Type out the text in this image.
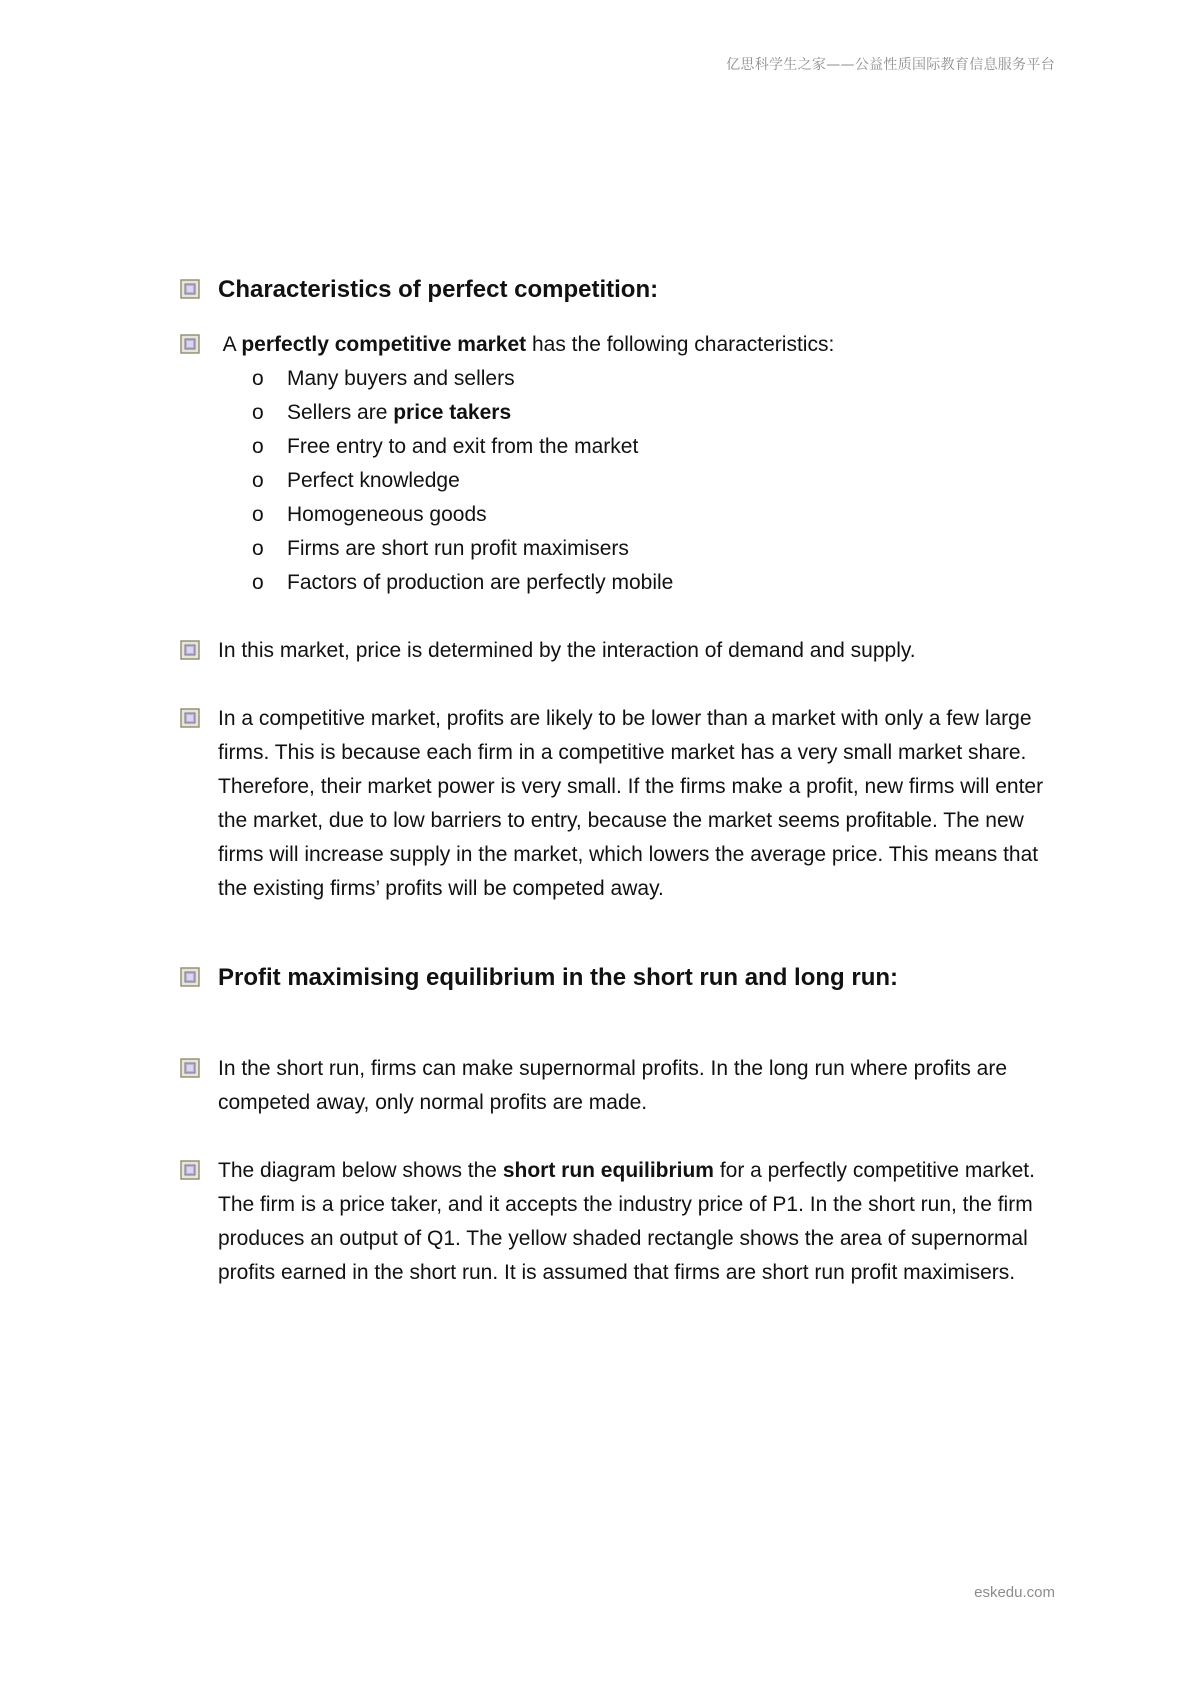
亿思科学生之家——公益性质国际教育信息服务平台
Characteristics of perfect competition:
A perfectly competitive market has the following characteristics:
o Many buyers and sellers
o Sellers are price takers
o Free entry to and exit from the market
o Perfect knowledge
o Homogeneous goods
o Firms are short run profit maximisers
o Factors of production are perfectly mobile
In this market, price is determined by the interaction of demand and supply.
In a competitive market, profits are likely to be lower than a market with only a few large firms. This is because each firm in a competitive market has a very small market share. Therefore, their market power is very small. If the firms make a profit, new firms will enter the market, due to low barriers to entry, because the market seems profitable. The new firms will increase supply in the market, which lowers the average price. This means that the existing firms’ profits will be competed away.
Profit maximising equilibrium in the short run and long run:
In the short run, firms can make supernormal profits. In the long run where profits are competed away, only normal profits are made.
The diagram below shows the short run equilibrium for a perfectly competitive market. The firm is a price taker, and it accepts the industry price of P1. In the short run, the firm produces an output of Q1. The yellow shaded rectangle shows the area of supernormal profits earned in the short run. It is assumed that firms are short run profit maximisers.
eskedu.com
